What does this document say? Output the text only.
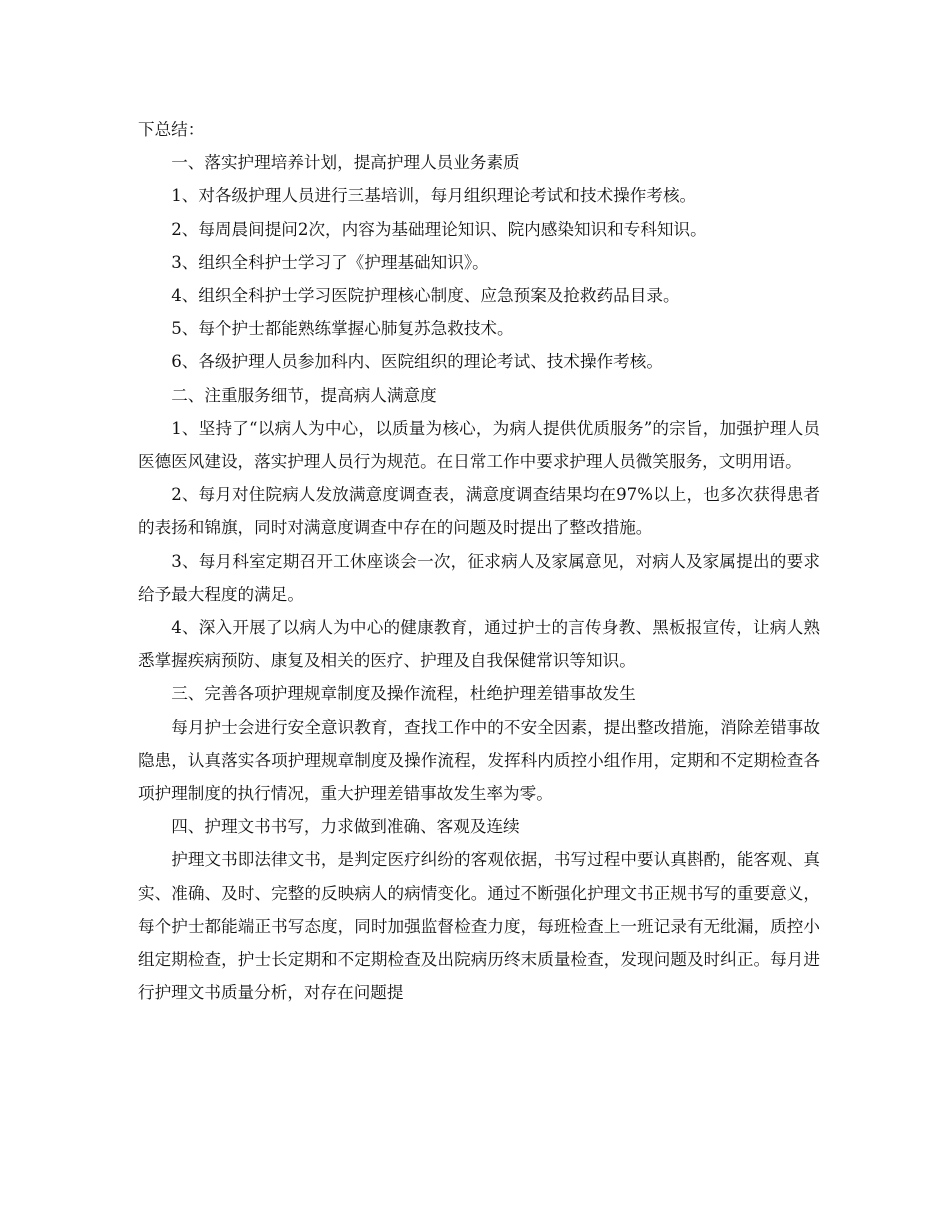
下总结：

一、落实护理培养计划，提高护理人员业务素质

1、对各级护理人员进行三基培训，每月组织理论考试和技术操作考核。

2、每周晨间提问2次，内容为基础理论知识、院内感染知识和专科知识。

3、组织全科护士学习了《护理基础知识》。

4、组织全科护士学习医院护理核心制度、应急预案及抢救药品目录。

5、每个护士都能熟练掌握心肺复苏急救技术。

6、各级护理人员参加科内、医院组织的理论考试、技术操作考核。

二、注重服务细节，提高病人满意度

1、坚持了“以病人为中心，以质量为核心，为病人提供优质服务”的宗旨，加强护理人员医德医风建设，落实护理人员行为规范。在日常工作中要求护理人员微笑服务，文明用语。

2、每月对住院病人发放满意度调查表，满意度调查结果均在97%以上，也多次获得患者的表扬和锦旗，同时对满意度调查中存在的问题及时提出了整改措施。

3、每月科室定期召开工休座谈会一次，征求病人及家属意见，对病人及家属提出的要求给予最大程度的满足。

4、深入开展了以病人为中心的健康教育，通过护士的言传身教、黑板报宣传，让病人熟悉掌握疾病预防、康复及相关的医疗、护理及自我保健常识等知识。

三、完善各项护理规章制度及操作流程，杜绝护理差错事故发生

每月护士会进行安全意识教育，查找工作中的不安全因素，提出整改措施，消除差错事故隐患，认真落实各项护理规章制度及操作流程，发挥科内质控小组作用，定期和不定期检查各项护理制度的执行情况，重大护理差错事故发生率为零。

四、护理文书书写，力求做到准确、客观及连续

护理文书即法律文书，是判定医疗纠纷的客观依据，书写过程中要认真斟酌，能客观、真实、准确、及时、完整的反映病人的病情变化。通过不断强化护理文书正规书写的重要意义，每个护士都能端正书写态度，同时加强监督检查力度，每班检查上一班记录有无纰漏，质控小组定期检查，护士长定期和不定期检查及出院病历终末质量检查，发现问题及时纠正。每月进行护理文书质量分析，对存在问题提
